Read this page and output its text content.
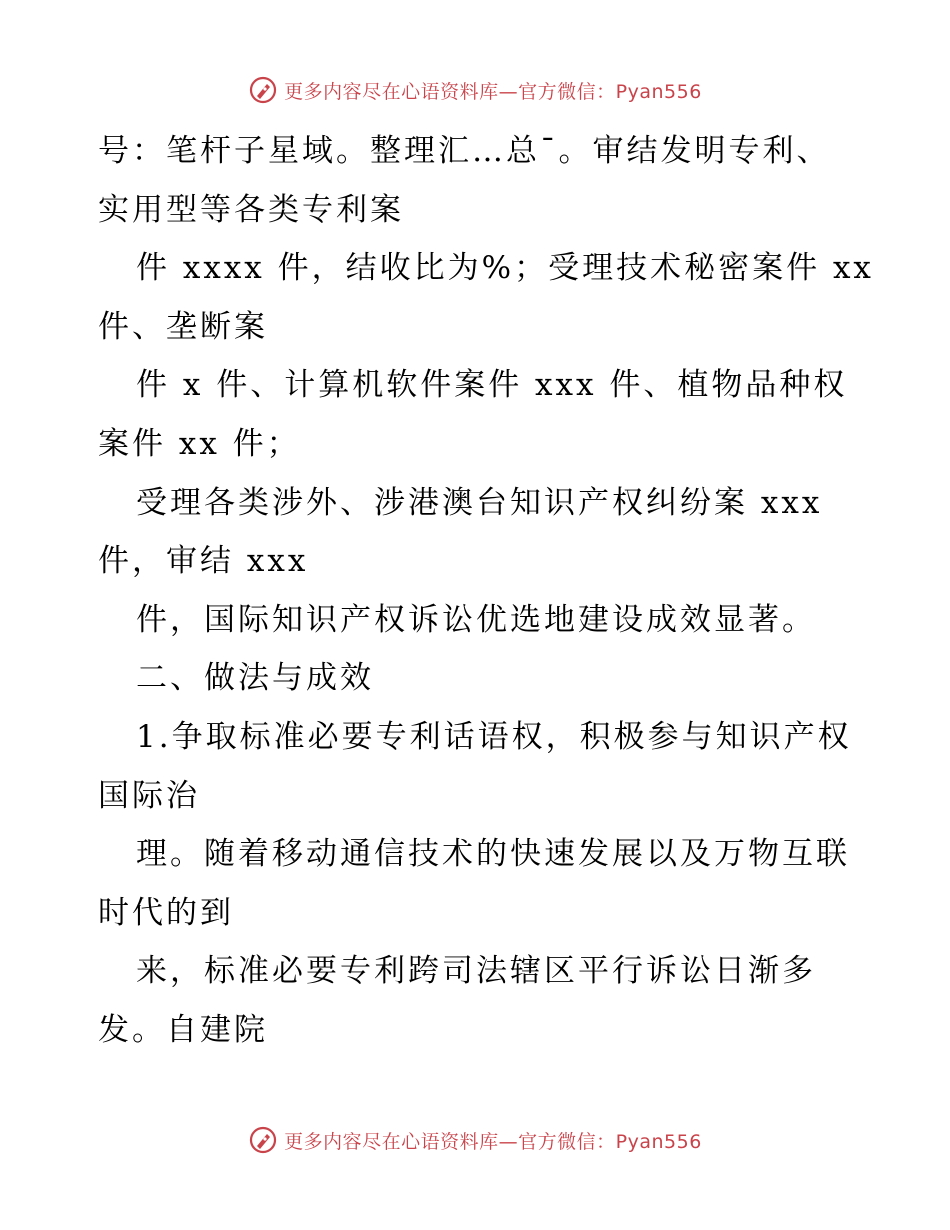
更多内容尽在心语资料库—官方微信：Pyan556
号：笔杆子星域。整理汇…总¯。审结发明专利、
实用型等各类专利案
件 xxxx 件，结收比为%；受理技术秘密案件 xx
件、垄断案
件 x 件、计算机软件案件 xxx 件、植物品种权
案件 xx 件；
受理各类涉外、涉港澳台知识产权纠纷案 xxx
件，审结 xxx
件，国际知识产权诉讼优选地建设成效显著。
二、做法与成效
1.争取标准必要专利话语权，积极参与知识产权
国际治
理。随着移动通信技术的快速发展以及万物互联
时代的到
来，标准必要专利跨司法辖区平行诉讼日渐多
发。自建院
更多内容尽在心语资料库—官方微信：Pyan556
